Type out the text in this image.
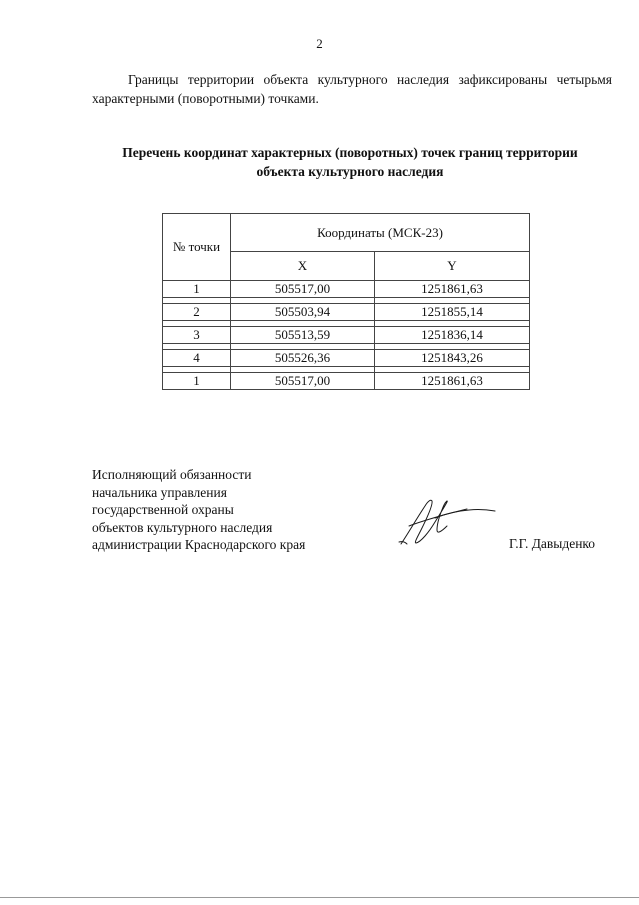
2

Границы территории объекта культурного наследия зафиксированы четырьмя характерными (поворотными) точками.

Перечень координат характерных (поворотных) точек границ территории
объекта культурного наследия
№ точки	Координаты (МСК-23)	
	X	Y
1	505517,00	1251861,63

2	505503,94	1251855,14

3	505513,59	1251836,14

4	505526,36	1251843,26

1	505517,00	1251861,63
Исполняющий обязанности
начальника управления
государственной охраны
объектов культурного наследия
администрации Краснодарского края	Г.Г. Давыденко
